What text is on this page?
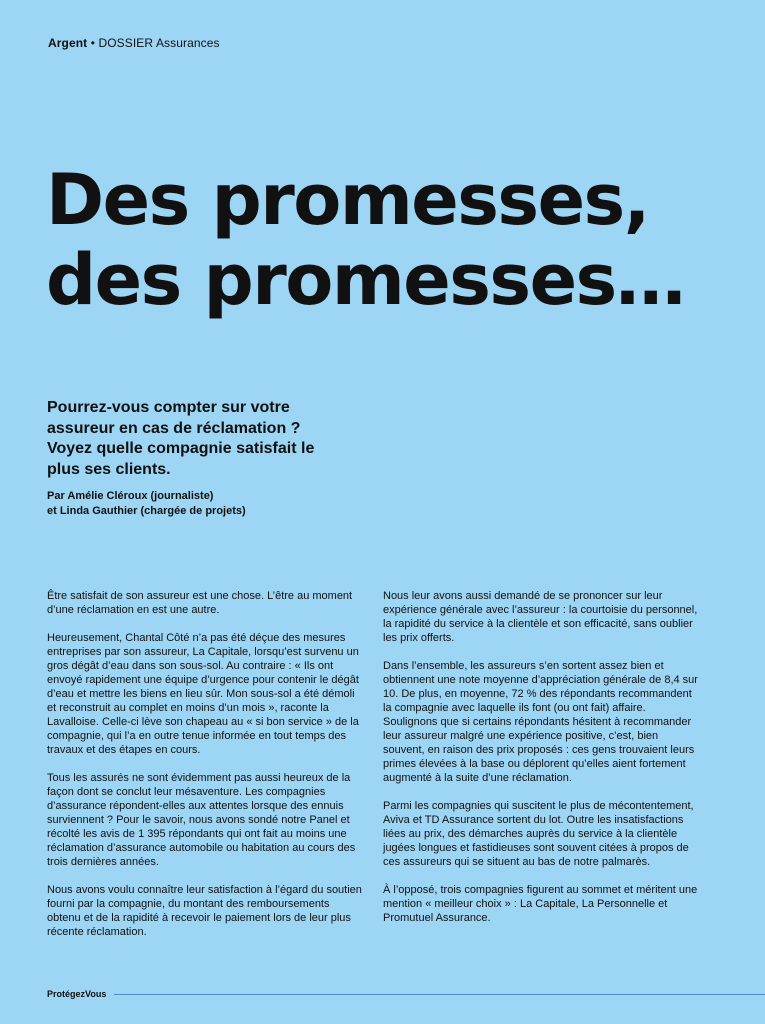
Argent • DOSSIER Assurances
Des promesses,
des promesses…

Pourrez-vous compter sur votre assureur en cas de réclamation ? Voyez quelle compagnie satisfait le plus ses clients.

Par Amélie Cléroux (journaliste)
et Linda Gauthier (chargée de projets)

Être satisfait de son assureur est une chose. L’être au moment d’une réclamation en est une autre.

Heureusement, Chantal Côté n’a pas été déçue des mesures entreprises par son assureur, La Capitale, lorsqu’est survenu un gros dégât d’eau dans son sous-sol. Au contraire : « Ils ont envoyé rapidement une équipe d’urgence pour contenir le dégât d’eau et mettre les biens en lieu sûr. Mon sous-sol a été démoli et reconstruit au complet en moins d’un mois », raconte la Lavalloise. Celle-ci lève son chapeau au « si bon service » de la compagnie, qui l’a en outre tenue informée en tout temps des travaux et des étapes en cours.

Tous les assurés ne sont évidemment pas aussi heureux de la façon dont se conclut leur mésaventure. Les compagnies d’assurance répondent-elles aux attentes lorsque des ennuis surviennent ? Pour le savoir, nous avons sondé notre Panel et récolté les avis de 1 395 répondants qui ont fait au moins une réclamation d’assurance automobile ou habitation au cours des trois dernières années.

Nous avons voulu connaître leur satisfaction à l’égard du soutien fourni par la compagnie, du montant des remboursements obtenu et de la rapidité à recevoir le paiement lors de leur plus récente réclamation.

Nous leur avons aussi demandé de se prononcer sur leur expérience générale avec l’assureur : la courtoisie du personnel, la rapidité du service à la clientèle et son efficacité, sans oublier les prix offerts.

Dans l’ensemble, les assureurs s’en sortent assez bien et obtiennent une note moyenne d’appréciation générale de 8,4 sur 10. De plus, en moyenne, 72 % des répondants recommandent la compagnie avec laquelle ils font (ou ont fait) affaire. Soulignons que si certains répondants hésitent à recommander leur assureur malgré une expérience positive, c’est, bien souvent, en raison des prix proposés : ces gens trouvaient leurs primes élevées à la base ou déplorent qu’elles aient fortement augmenté à la suite d’une réclamation.

Parmi les compagnies qui suscitent le plus de mécontentement, Aviva et TD Assurance sortent du lot. Outre les insatisfactions liées au prix, des démarches auprès du service à la clientèle jugées longues et fastidieuses sont souvent citées à propos de ces assureurs qui se situent au bas de notre palmarès.

À l’opposé, trois compagnies figurent au sommet et méritent une mention « meilleur choix » : La Capitale, La Personnelle et Promutuel Assurance.

ProtégezVous
